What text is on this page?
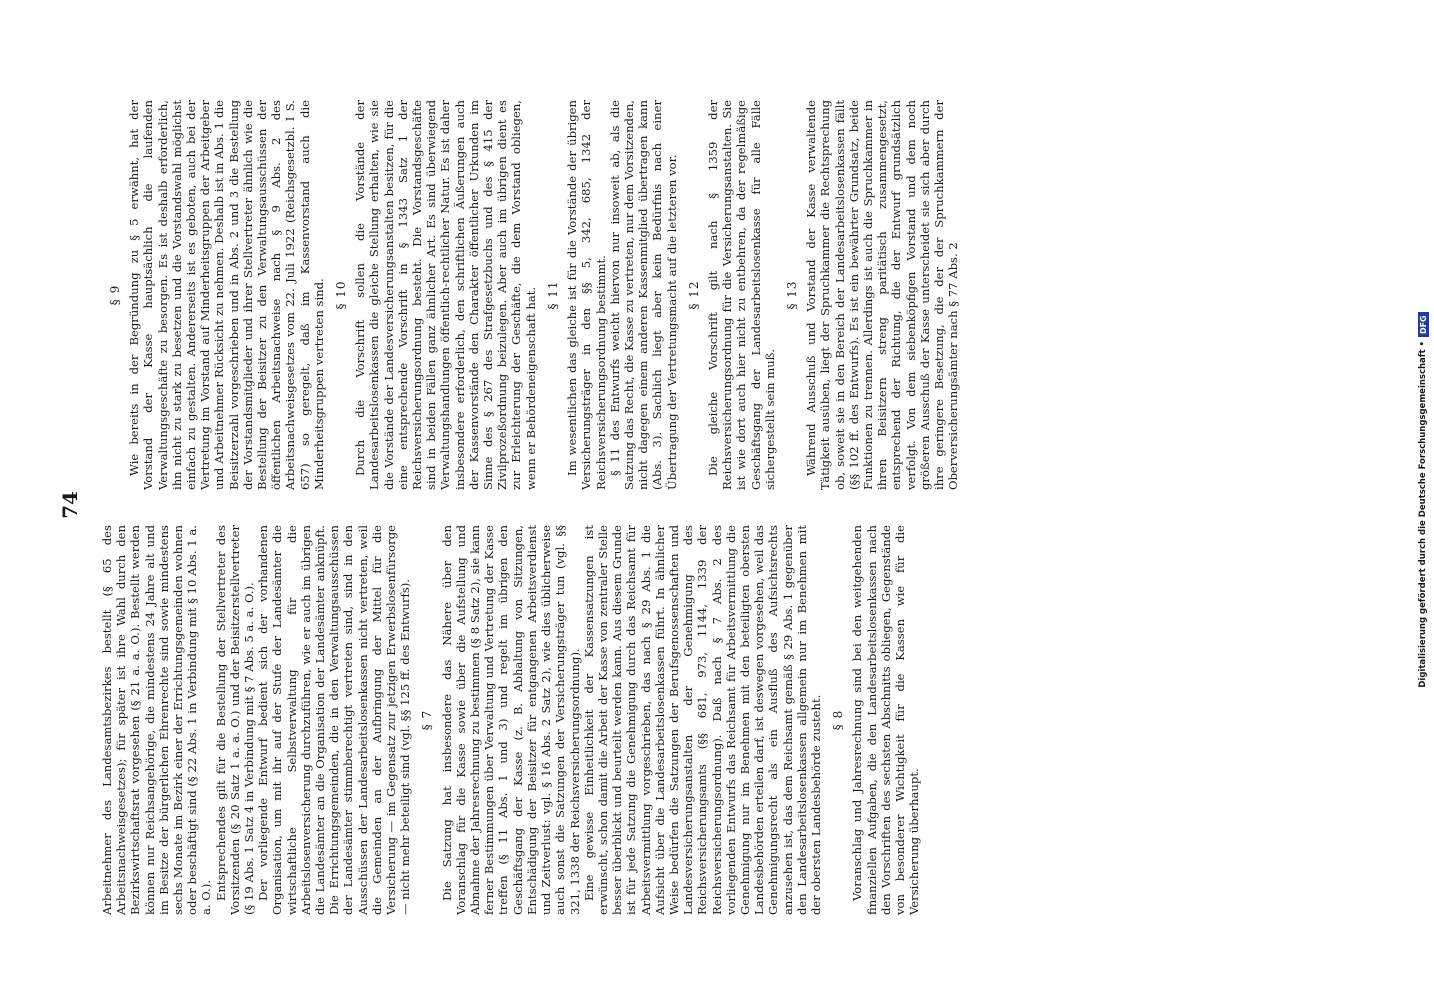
74

Arbeitnehmer des Landesamtsbezirkes bestellt (§ 65 des Arbeitsnachweisgesetzes); für später ist ihre Wahl durch den Bezirkswirtschaftsrat vorgesehen (§ 21 a. a. O.). Bestellt werden können nur Reichsangehörige, die mindestens 24 Jahre alt und im Besitze der bürgerlichen Ehrenrechte sind sowie mindestens sechs Monate im Bezirk einer der Errichtungsgemeinden wohnen oder beschäftigt sind (§ 22 Abs. 1 in Verbindung mit § 10 Abs. 1 a. a. O.). Entsprechendes gilt für die Bestellung der Stellvertreter des Vorsitzenden (§ 20 Satz 1 a. a. O.) und der Beisitzerstellvertreter (§ 19 Abs. 1 Satz 4 in Verbindung mit § 7 Abs. 5 a. a. O.). Der vorliegende Entwurf bedient sich der vorhandenen Organisation, um mit ihr auf der Stufe der Landesämter die wirtschaftliche Selbstverwaltung für die Arbeitslosenversicherung durchzuführen, wie er auch im übrigen die Landesämter an die Organisation der Landesämter anknüpft. Die Errichtungsgemeinden, die in den Verwaltungsausschüssen der Landesämter stimmberechtigt vertreten sind, sind in den Ausschüssen der Landesarbeitslosenkassen nicht vertreten, weil die Gemeinden an der Aufbringung der Mittel für die Versicherung — im Gegensatz zur jetzigen Erwerbslosenfürsorge — nicht mehr beteiligt sind (vgl. §§ 125 ff. des Entwurfs). § 7 Die Satzung hat insbesondere das Nähere über den Voranschlag für die Kasse sowie über die Aufstellung und Abnahme der Jahresrechnung zu bestimmen (§ 8 Satz 2), sie kann ferner Bestimmungen über Verwaltung und Vertretung der Kasse treffen (§ 11 Abs. 1 und 3) und regelt im übrigen den Geschäftsgang der Kasse (z. B. Abhaltung von Sitzungen, Entschädigung der Beisitzer für entgangenen Arbeitsverdienst und Zeitverlust: vgl. § 16 Abs. 2 Satz 2), wie dies üblicherweise auch sonst die Satzungen der Versicherungsträger tun (vgl. §§ 321, 1338 der Reichsversicherungsordnung). Eine gewisse Einheitlichkeit der Kassensatzungen ist erwünscht, schon damit die Arbeit der Kasse von zentraler Stelle besser überblickt und beurteilt werden kann. Aus diesem Grunde ist für jede Satzung die Genehmigung durch das Reichsamt für Arbeitsvermittlung vorgeschrieben, das nach § 29 Abs. 1 die Aufsicht über die Landesarbeitslosenkassen führt. In ähnlicher Weise bedürfen die Satzungen der Berufsgenossenschaften und Landesversicherungsanstalten der Genehmigung des Reichsversicherungsamts (§§ 681, 973, 1144, 1339 der Reichsversicherungsordnung). Daß nach § 7 Abs. 2 des vorliegenden Entwurfs das Reichsamt für Arbeitsvermittlung die Genehmigung nur im Benehmen mit den beteiligten obersten Landesbehörden erteilen darf, ist deswegen vorgesehen, weil das Genehmigungsrecht als ein Ausfluß des Aufsichtsrechts anzusehen ist, das dem Reichsamt gemäß § 29 Abs. 1 gegenüber den Landesarbeitslosenkassen allgemein nur im Benehmen mit der obersten Landesbehörde zusteht. § 8 Voranschlag und Jahresrechnung sind bei den weitgehenden finanziellen Aufgaben, die den Landesarbeitslosenkassen nach den Vorschriften des sechsten Abschnitts obliegen, Gegenstände von besonderer Wichtigkeit für die Kassen wie für die Versicherung überhaupt.

§ 9 Wie bereits in der Begründung zu § 5 erwähnt, hat der Vorstand der Kasse hauptsächlich die laufenden Verwaltungsgeschäfte zu besorgen. Es ist deshalb erforderlich, ihn nicht zu stark zu besetzen und die Vorstandswahl möglichst einfach zu gestalten. Andererseits ist es geboten, auch bei der Vertretung im Vorstand auf Minderheitsgruppen der Arbeitgeber und Arbeitnehmer Rücksicht zu nehmen. Deshalb ist in Abs. 1 die Beisitzerzahl vorgeschrieben und in Abs. 2 und 3 die Bestellung der Vorstandsmitglieder und ihrer Stellvertreter ähnlich wie die Bestellung der Beisitzer zu den Verwaltungsausschüssen der öffentlichen Arbeitsnachweise nach § 9 Abs. 2 des Arbeitsnachweisgesetzes vom 22. Juli 1922 (Reichsgesetzbl. I S. 657) so geregelt, daß im Kassenvorstand auch die Minderheitsgruppen vertreten sind. § 10 Durch die Vorschrift sollen die Vorstände der Landesarbeitslosenkassen die gleiche Stellung erhalten, wie sie die Vorstände der Landesversicherungsanstalten besitzen, für die eine entsprechende Vorschrift in § 1343 Satz 1 der Reichsversicherungsordnung besteht. Die Vorstandsgeschäfte sind in beiden Fällen ganz ähnlicher Art. Es sind überwiegend Verwaltungshandlungen öffentlich-rechtlicher Natur. Es ist daher insbesondere erforderlich, den schriftlichen Äußerungen auch der Kassenvorstände den Charakter öffentlicher Urkunden im Sinne des § 267 des Strafgesetzbuchs und des § 415 der Zivilprozeßordnung beizulegen. Aber auch im übrigen dient es zur Erleichterung der Geschäfte, die dem Vorstand obliegen, wenn er Behördeneigenschaft hat. § 11 Im wesentlichen das gleiche ist für die Vorstände der übrigen Versicherungsträger in den §§ 5, 342, 685, 1342 der Reichsversicherungsordnung bestimmt. § 11 des Entwurfs weicht hiervon nur insoweit ab, als die Satzung das Recht, die Kasse zu vertreten, nur dem Vorsitzenden, nicht dagegen einem anderen Kassenmitglied übertragen kann (Abs. 3). Sachlich liegt aber kein Bedürfnis nach einer Übertragung der Vertretungsmacht auf die letzteren vor. § 12 Die gleiche Vorschrift gilt nach § 1359 der Reichsversicherungsordnung für die Versicherungsanstalten. Sie ist wie dort auch hier nicht zu entbehren, da der regelmäßige Geschäftsgang der Landesarbeitslosenkasse für alle Fälle sichergestellt sein muß.

§ 13 Während Ausschuß und Vorstand der Kasse verwaltende Tätigkeit ausüben, liegt der Spruchkammer die Rechtsprechung ob, soweit sie in den Bereich der Landesarbeitslosenkassen fällt (§§ 102 ff. des Entwurfs). Es ist ein bewährter Grundsatz, beide Funktionen zu trennen. Allerdings ist auch die Spruchkammer in ihren Beisitzern streng paritätisch zusammengesetzt, entsprechend der Richtung, die der Entwurf grundsätzlich verfolgt. Von dem siebenköpfigen Vorstand und dem noch größeren Ausschuß der Kasse unterscheidet sie sich aber durch ihre geringere Besetzung, die der der Spruchkammern der Oberversicherungsämter nach § 77 Abs. 2	Digitalisierung gefördert durch die Deutsche Forschungsgemeinschaft •
DFG
